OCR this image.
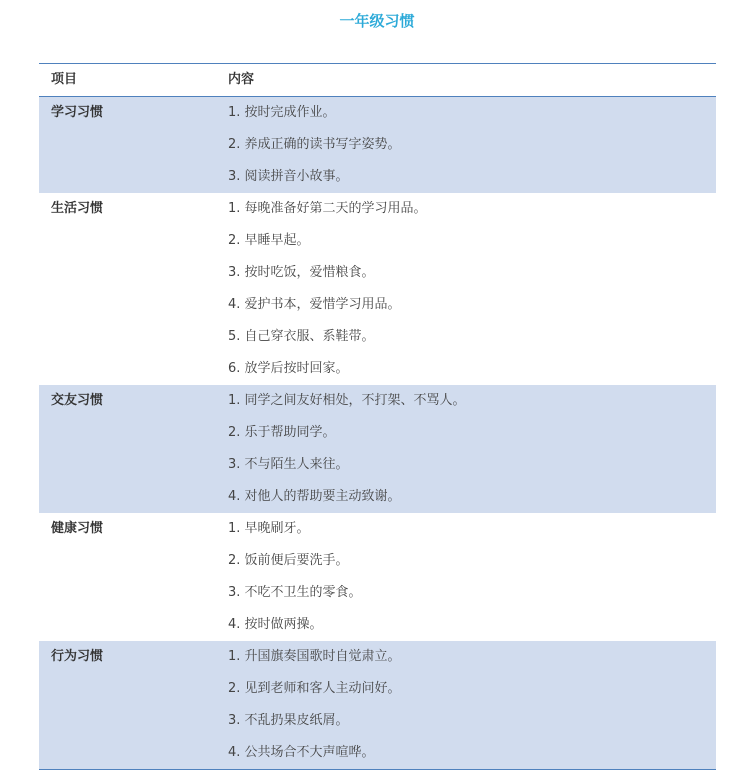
一年级习惯
项目	内容
学习习惯	1. 按时完成作业。
2. 养成正确的读书写字姿势。
3. 阅读拼音小故事。
生活习惯	1. 每晚准备好第二天的学习用品。
2. 早睡早起。
3. 按时吃饭，爱惜粮食。
4. 爱护书本，爱惜学习用品。
5. 自己穿衣服、系鞋带。
6. 放学后按时回家。
交友习惯	1. 同学之间友好相处，不打架、不骂人。
2. 乐于帮助同学。
3. 不与陌生人来往。
4. 对他人的帮助要主动致谢。
健康习惯	1. 早晚刷牙。
2. 饭前便后要洗手。
3. 不吃不卫生的零食。
4. 按时做两操。
行为习惯	1. 升国旗奏国歌时自觉肃立。
2. 见到老师和客人主动问好。
3. 不乱扔果皮纸屑。
4. 公共场合不大声喧哗。
